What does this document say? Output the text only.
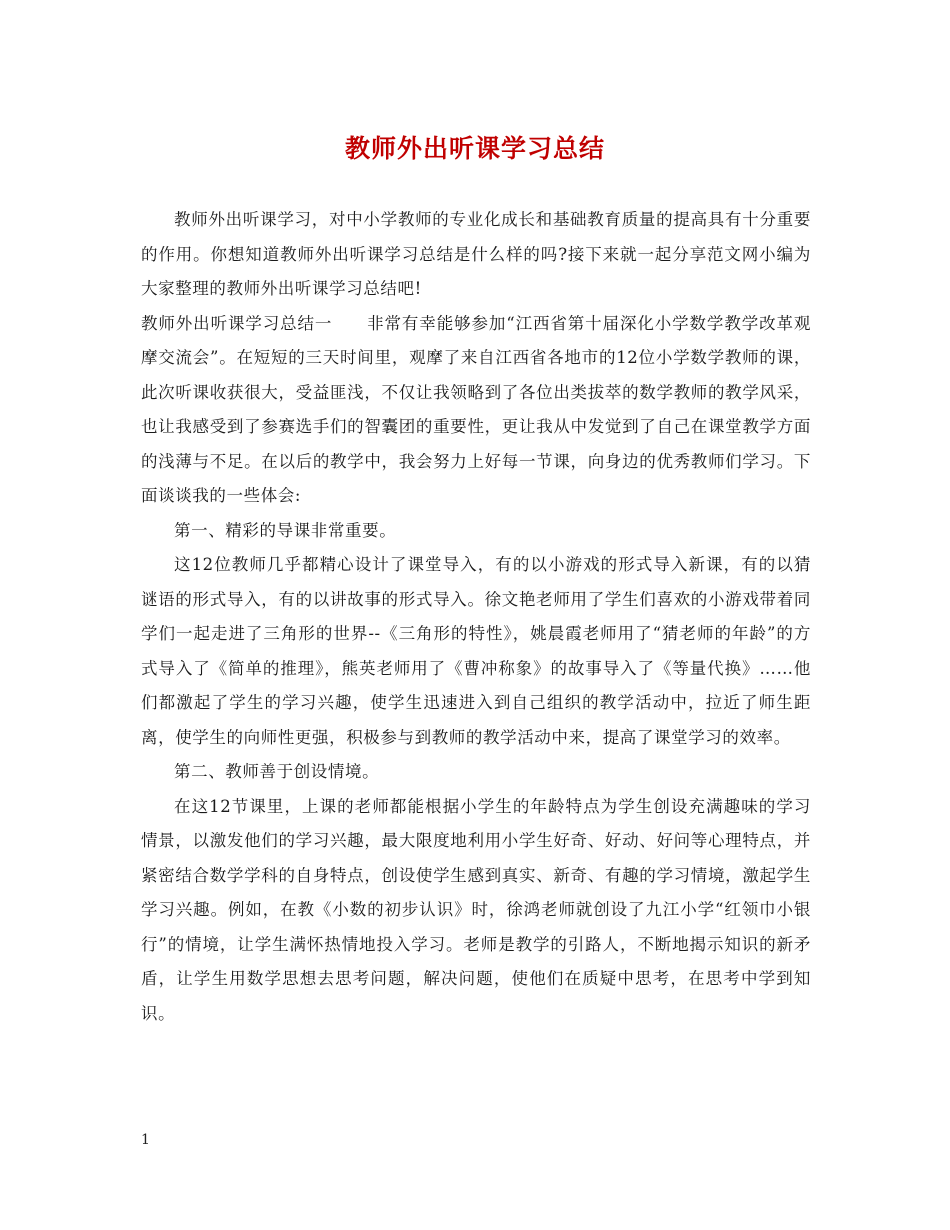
教师外出听课学习总结

教师外出听课学习，对中小学教师的专业化成长和基础教育质量的提高具有十分重要的作用。你想知道教师外出听课学习总结是什么样的吗?接下来就一起分享范文网小编为大家整理的教师外出听课学习总结吧!

教师外出听课学习总结一　　非常有幸能够参加“江西省第十届深化小学数学教学改革观摩交流会”。在短短的三天时间里，观摩了来自江西省各地市的12位小学数学教师的课，此次听课收获很大，受益匪浅，不仅让我领略到了各位出类拔萃的数学教师的教学风采，也让我感受到了参赛选手们的智囊团的重要性，更让我从中发觉到了自己在课堂教学方面的浅薄与不足。在以后的教学中，我会努力上好每一节课，向身边的优秀教师们学习。下面谈谈我的一些体会:

第一、精彩的导课非常重要。

这12位教师几乎都精心设计了课堂导入，有的以小游戏的形式导入新课，有的以猜谜语的形式导入，有的以讲故事的形式导入。徐文艳老师用了学生们喜欢的小游戏带着同学们一起走进了三角形的世界--《三角形的特性》，姚晨霞老师用了“猜老师的年龄”的方式导入了《简单的推理》，熊英老师用了《曹冲称象》的故事导入了《等量代换》……他们都激起了学生的学习兴趣，使学生迅速进入到自己组织的教学活动中，拉近了师生距离，使学生的向师性更强，积极参与到教师的教学活动中来，提高了课堂学习的效率。

第二、教师善于创设情境。

在这12节课里，上课的老师都能根据小学生的年龄特点为学生创设充满趣味的学习情景，以激发他们的学习兴趣，最大限度地利用小学生好奇、好动、好问等心理特点，并紧密结合数学学科的自身特点，创设使学生感到真实、新奇、有趣的学习情境，激起学生学习兴趣。例如，在教《小数的初步认识》时，徐鸿老师就创设了九江小学“红领巾小银行”的情境，让学生满怀热情地投入学习。老师是教学的引路人，不断地揭示知识的新矛盾，让学生用数学思想去思考问题，解决问题，使他们在质疑中思考，在思考中学到知识。

1
